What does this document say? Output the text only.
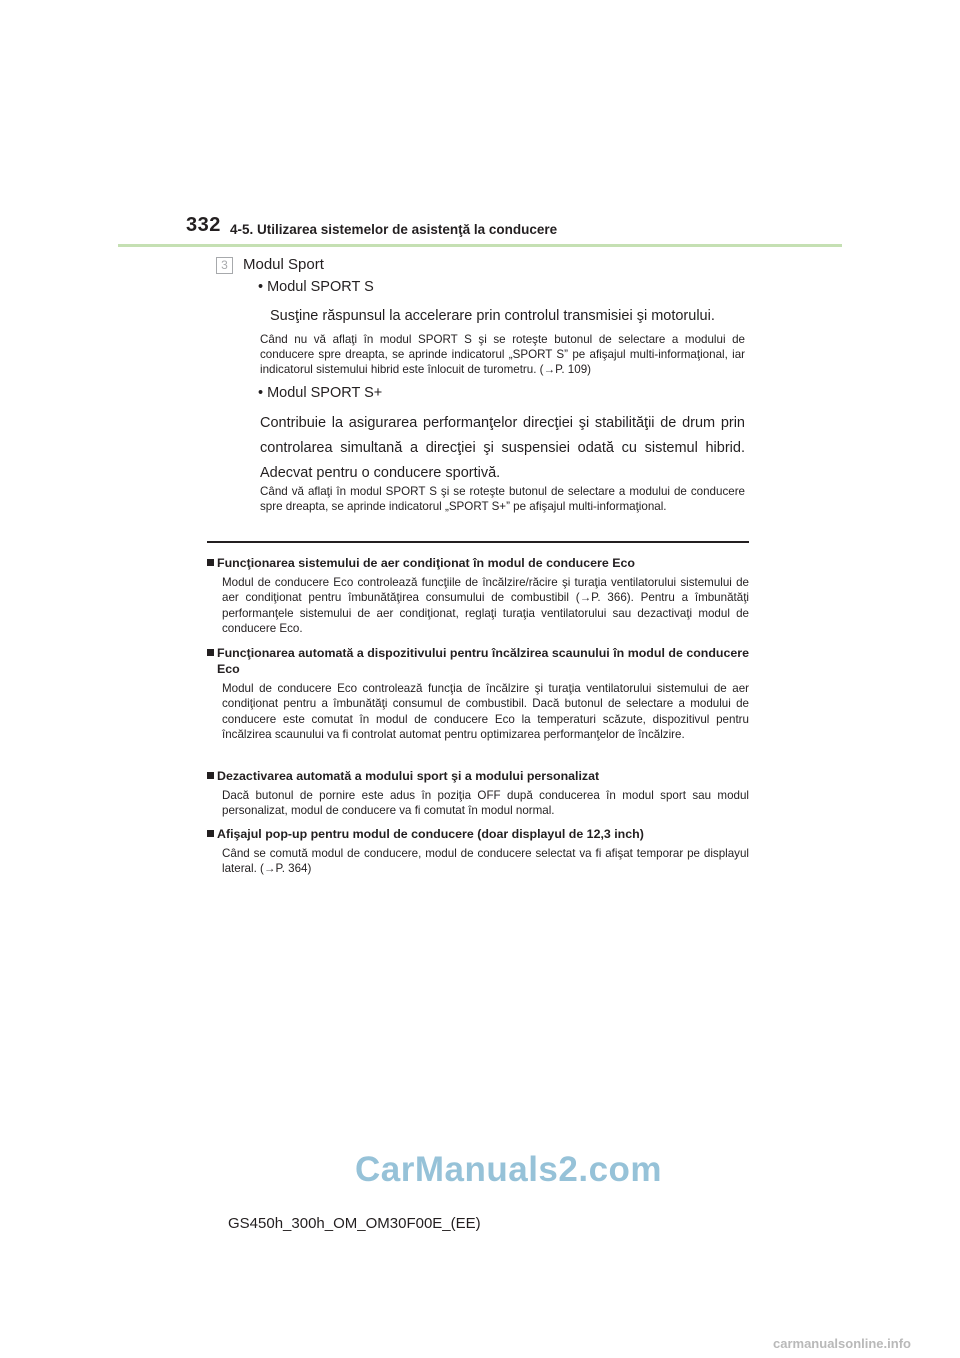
332 4-5. Utilizarea sistemelor de asistenţă la conducere
3	Modul Sport
• Modul SPORT S
Susţine răspunsul la accelerare prin controlul transmisiei şi motorului.
Când nu vă aflaţi în modul SPORT S şi se roteşte butonul de selectare a modului de conducere spre dreapta, se aprinde indicatorul „SPORT S” pe afişajul multi-informaţional, iar indicatorul sistemului hibrid este înlocuit de turometru. (→P. 109)
• Modul SPORT S+
Contribuie la asigurarea performanţelor direcţiei şi stabilităţii de drum prin controlarea simultană a direcţiei şi suspensiei odată cu sistemul hibrid. Adecvat pentru o conducere sportivă.
Când vă aflaţi în modul SPORT S şi se roteşte butonul de selectare a modului de conducere spre dreapta, se aprinde indicatorul „SPORT S+” pe afişajul multi-informaţional.
Funcţionarea sistemului de aer condiţionat în modul de conducere Eco
Modul de conducere Eco controlează funcţiile de încălzire/răcire şi turaţia ventilatorului sistemului de aer condiţionat pentru îmbunătăţirea consumului de combustibil (→P. 366). Pentru a îmbunătăţi performanţele sistemului de aer condiţionat, reglaţi turaţia ventilatorului sau dezactivaţi modul de conducere Eco.
Funcţionarea automată a dispozitivului pentru încălzirea scaunului în modul de conducere Eco
Modul de conducere Eco controlează funcţia de încălzire şi turaţia ventilatorului sistemului de aer condiţionat pentru a îmbunătăţi consumul de combustibil. Dacă butonul de selectare a modului de conducere este comutat în modul de conducere Eco la temperaturi scăzute, dispozitivul pentru încălzirea scaunului va fi controlat automat pentru optimizarea performanţelor de încălzire.
Dezactivarea automată a modului sport şi a modului personalizat
Dacă butonul de pornire este adus în poziţia OFF după conducerea în modul sport sau modul personalizat, modul de conducere va fi comutat în modul normal.
Afişajul pop-up pentru modul de conducere (doar displayul de 12,3 inch)
Când se comută modul de conducere, modul de conducere selectat va fi afişat temporar pe displayul lateral. (→P. 364)
CarManuals2.com
GS450h_300h_OM_OM30F00E_(EE)
carmanualsonline.info
